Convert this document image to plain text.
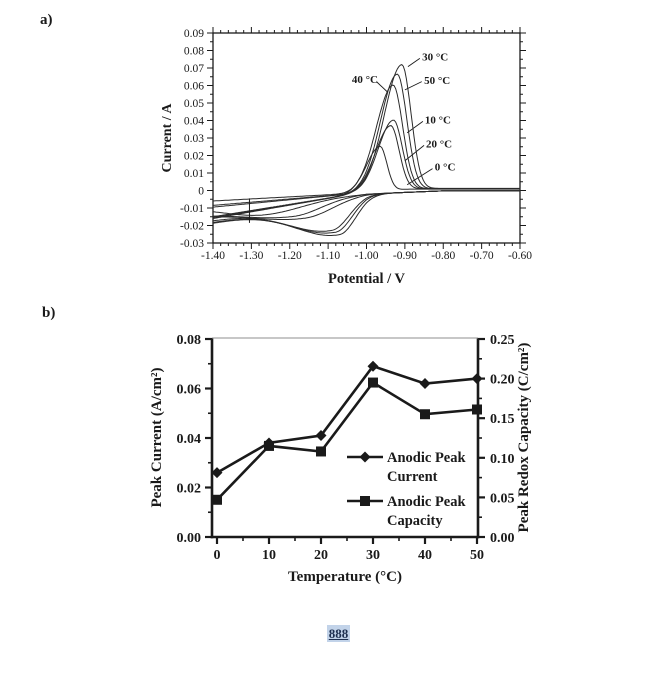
a)
-1.40 -1.30 -1.20 -1.10 -1.00 -0.90 -0.80 -0.70 -0.60
0.09
0.08
0.07
0.06
0.05
0.04
0.03
0.02
0.01
0
-0.01
-0.02
-0.03
Potential / V
Current / A	0 °C
10 °C
20 °C
30 °C
40 °C	50 °C
b)
0	10	20	30	40	50
0.00
0.02
0.04
0.06
0.08
0.00
0.05
0.10
0.15
0.20
0.25
Temperature (°C)
Peak Current (A/cm²)	Peak Redox Capacity (C/cm²)
Anodic Peak
Current
Anodic Peak
Capacity
888
